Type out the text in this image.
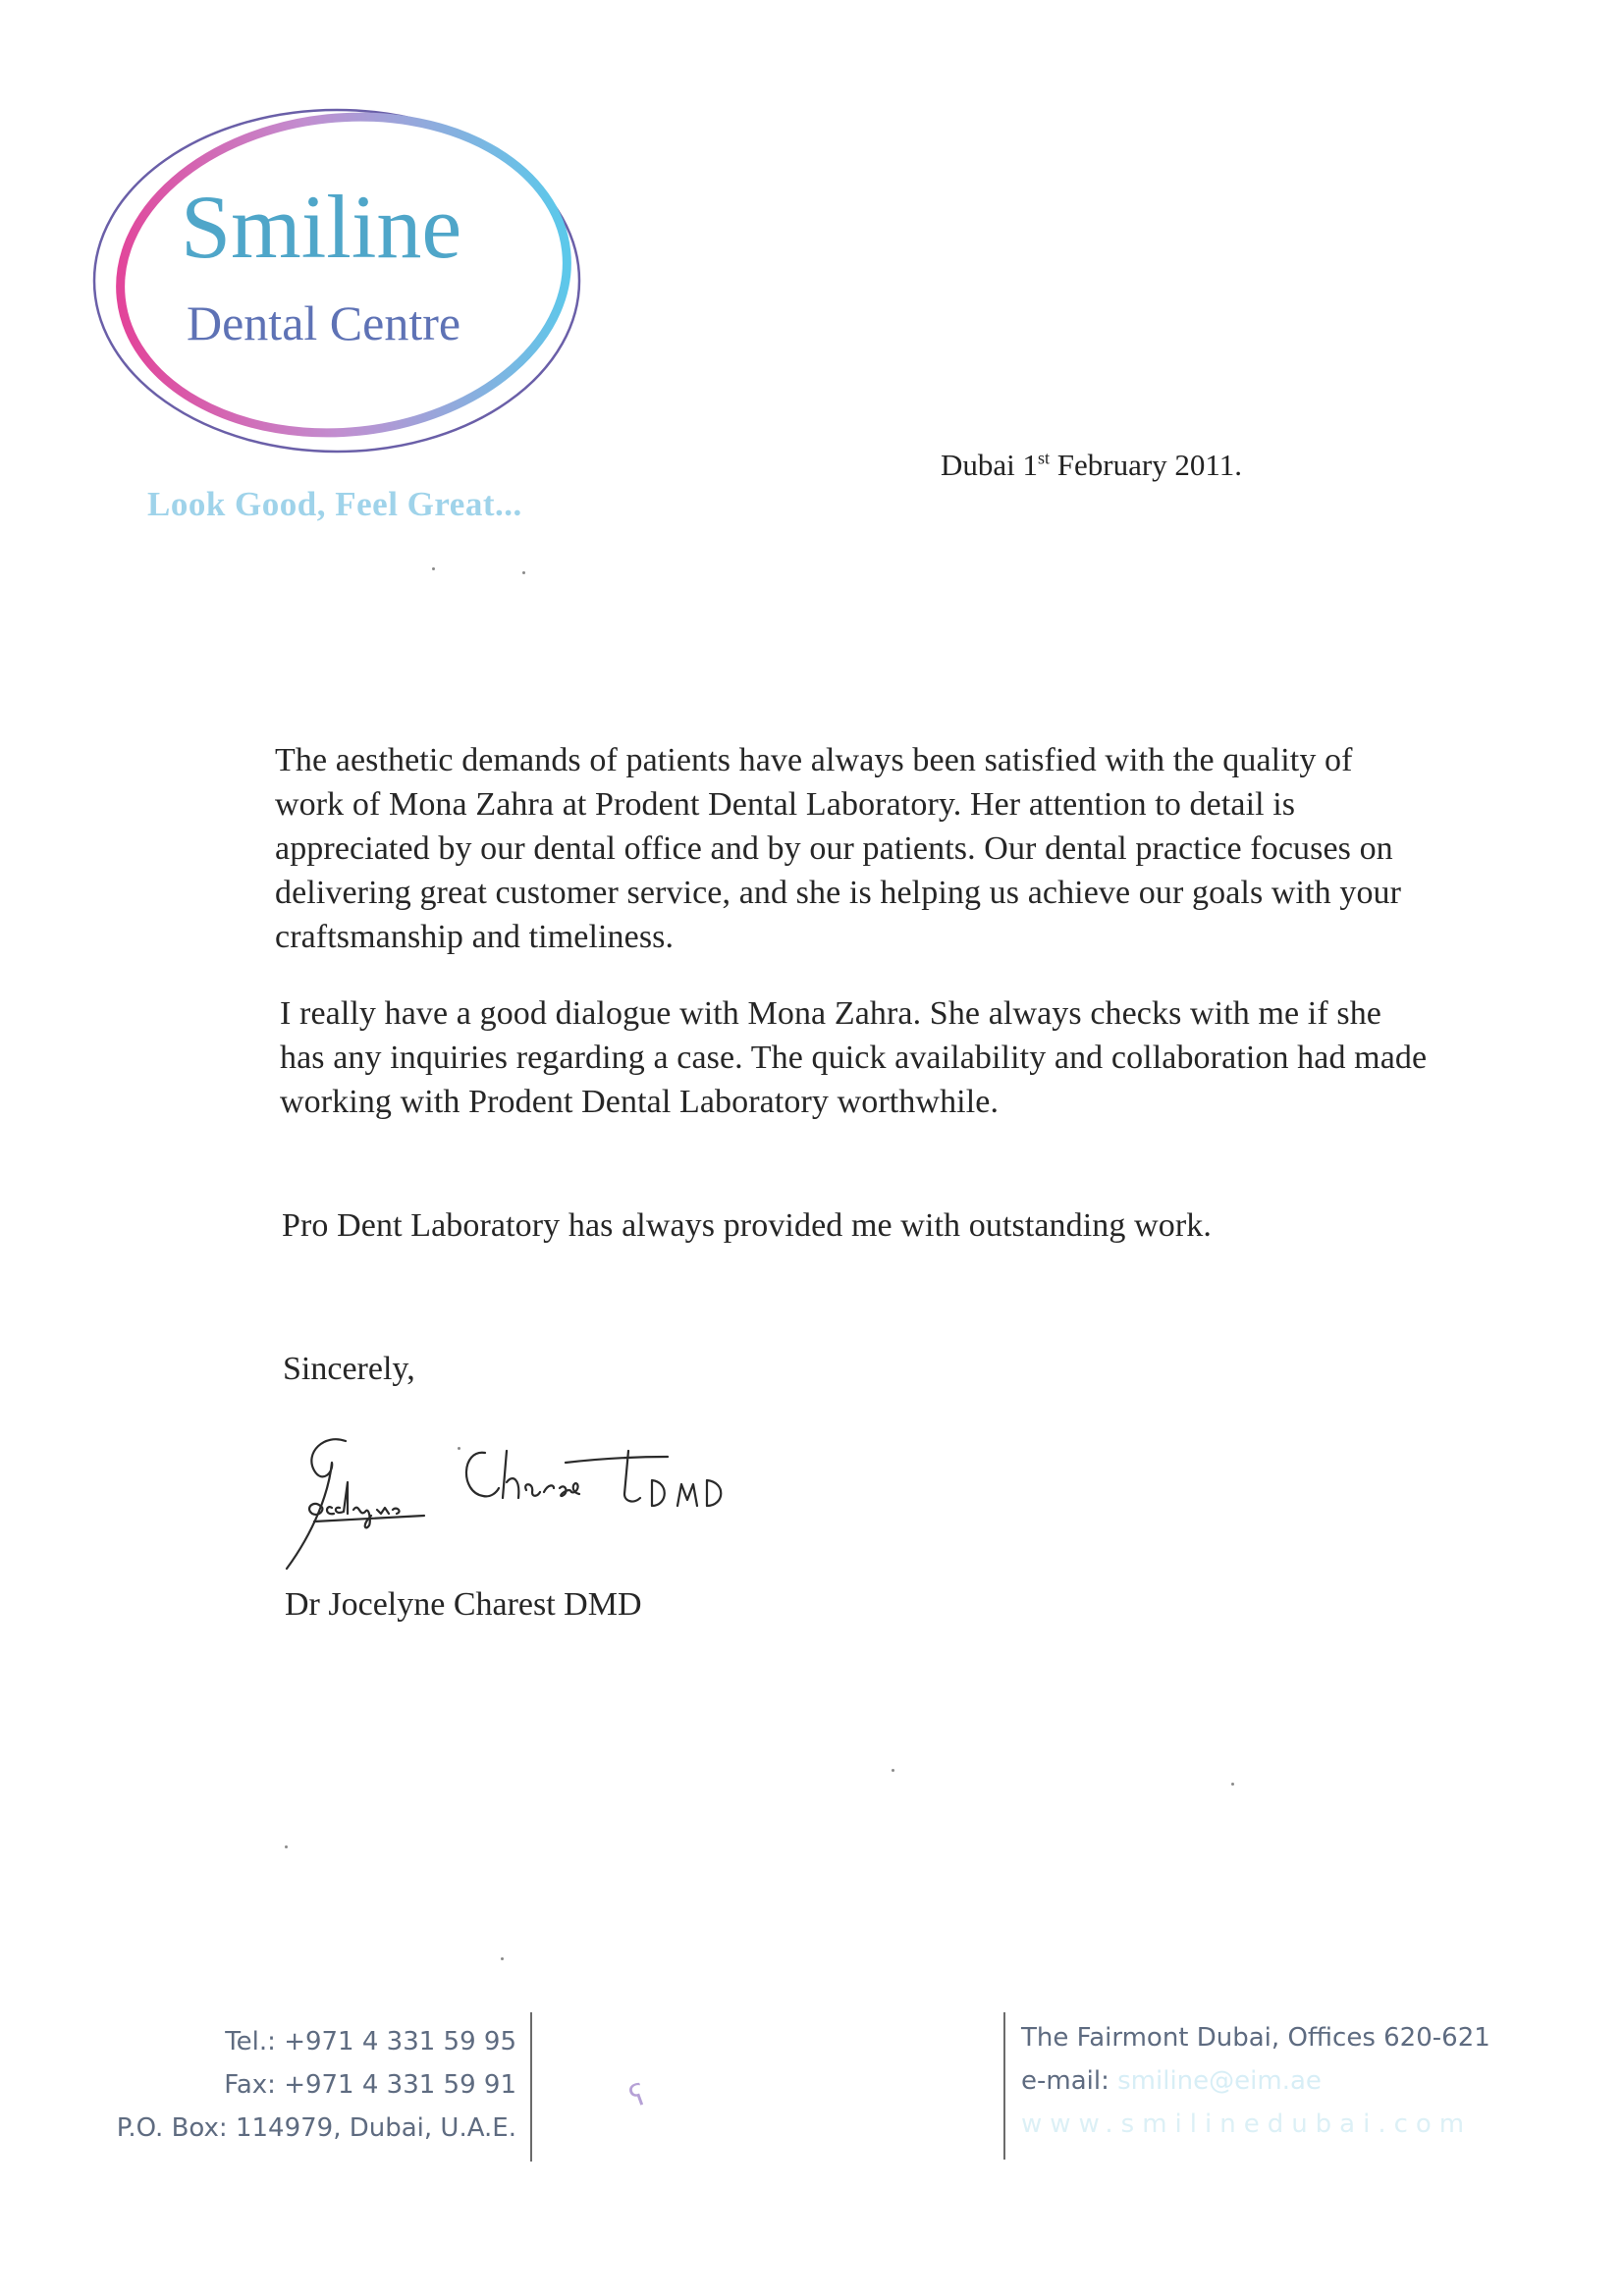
Smiline
Dental Centre
Look Good, Feel Great...
Dubai 1st February 2011.

The aesthetic demands of patients have always been satisfied with the quality of work of Mona Zahra at Prodent Dental Laboratory. Her attention to detail is appreciated by our dental office and by our patients. Our dental practice focuses on delivering great customer service, and she is helping us achieve our goals with your craftsmanship and timeliness.

I really have a good dialogue with Mona Zahra. She always checks with me if she has any inquiries regarding a case. The quick availability and collaboration had made working with Prodent Dental Laboratory worthwhile.

Pro Dent Laboratory has always provided me with outstanding work.

Sincerely,
Dr Jocelyne Charest DMD
Tel.: +971 4 331 59 95
Fax: +971 4 331 59 91
P.O. Box: 114979, Dubai, U.A.E.
ʕ
The Fairmont Dubai, Offices 620-621
e-mail: smiline@eim.ae
www.smilinedubai.com
